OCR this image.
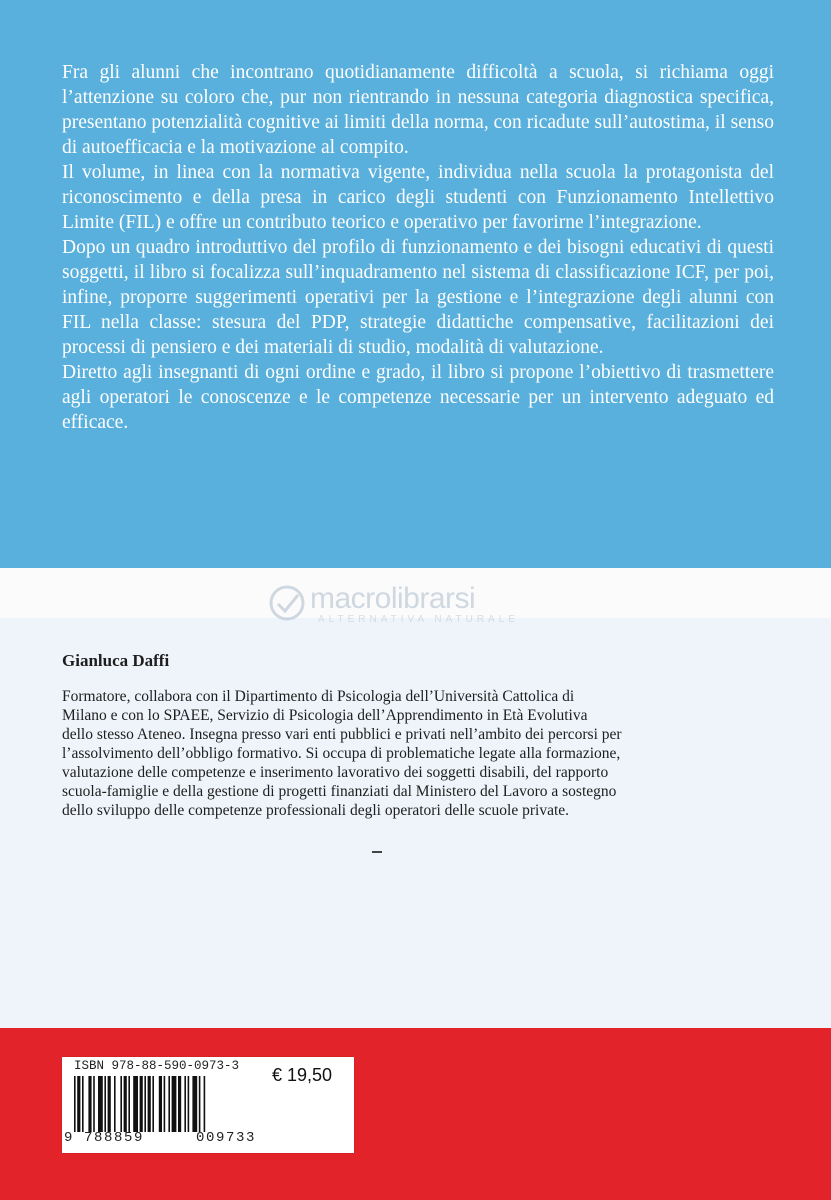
Fra gli alunni che incontrano quotidianamente difficoltà a scuola, si richiama oggi l’attenzione su coloro che, pur non rientrando in nessuna categoria diagnostica specifica, presentano potenzialità cognitive ai limiti della norma, con ricadute sull’autostima, il senso di autoefficacia e la motivazione al compito.

Il volume, in linea con la normativa vigente, individua nella scuola la protagonista del riconoscimento e della presa in carico degli studenti con Funzionamento Intellettivo Limite (FIL) e offre un contributo teorico e operativo per favorirne l’integrazione.

Dopo un quadro introduttivo del profilo di funzionamento e dei bisogni educativi di questi soggetti, il libro si focalizza sull’inquadramento nel sistema di classificazione ICF, per poi, infine, proporre suggerimenti operativi per la gestione e l’integrazione degli alunni con FIL nella classe: stesura del PDP, strategie didattiche compensative, facilitazioni dei processi di pensiero e dei materiali di studio, modalità di valutazione.

Diretto agli insegnanti di ogni ordine e grado, il libro si propone l’obiettivo di trasmettere agli operatori le conoscenze e le competenze necessarie per un intervento adeguato ed efficace.

macrolibrarsi
ALTERNATIVA NATURALE
Gianluca Daffi
Formatore, collabora con il Dipartimento di Psicologia dell’Università Cattolica di Milano e con lo SPAEE, Servizio di Psicologia dell’Apprendimento in Età Evolutiva dello stesso Ateneo. Insegna presso vari enti pubblici e privati nell’ambito dei percorsi per l’assolvimento dell’obbligo formativo. Si occupa di problematiche legate alla formazione, valutazione delle competenze e inserimento lavorativo dei soggetti disabili, del rapporto scuola-famiglie e della gestione di progetti finanziati dal Ministero del Lavoro a sostegno dello sviluppo delle competenze professionali degli operatori delle scuole private.
ISBN 978-88-590-0973-3
9 788859	009733
€ 19,50
